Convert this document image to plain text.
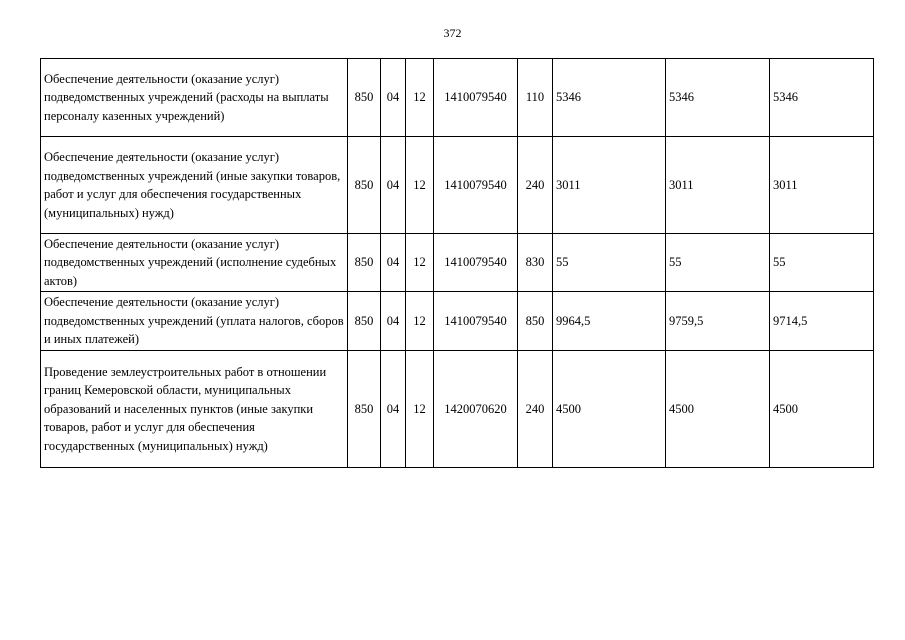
372
Обеспечение деятельности (оказание услуг) подведомственных учреждений (расходы на выплаты персоналу казенных учреждений)	850	04	12	1410079540	110	5346	5346	5346
Обеспечение деятельности (оказание услуг) подведомственных учреждений (иные закупки товаров, работ и услуг для обеспечения государственных (муниципальных) нужд)	850	04	12	1410079540	240	3011	3011	3011
Обеспечение деятельности (оказание услуг) подведомственных учреждений (исполнение судебных актов)	850	04	12	1410079540	830	55	55	55
Обеспечение деятельности (оказание услуг) подведомственных учреждений (уплата налогов, сборов и иных платежей)	850	04	12	1410079540	850	9964,5	9759,5	9714,5
Проведение землеустроительных работ в отношении границ Кемеровской области, муниципальных образований и населенных пунктов (иные закупки товаров, работ и услуг для обеспечения государственных (муниципальных) нужд)	850	04	12	1420070620	240	4500	4500	4500
